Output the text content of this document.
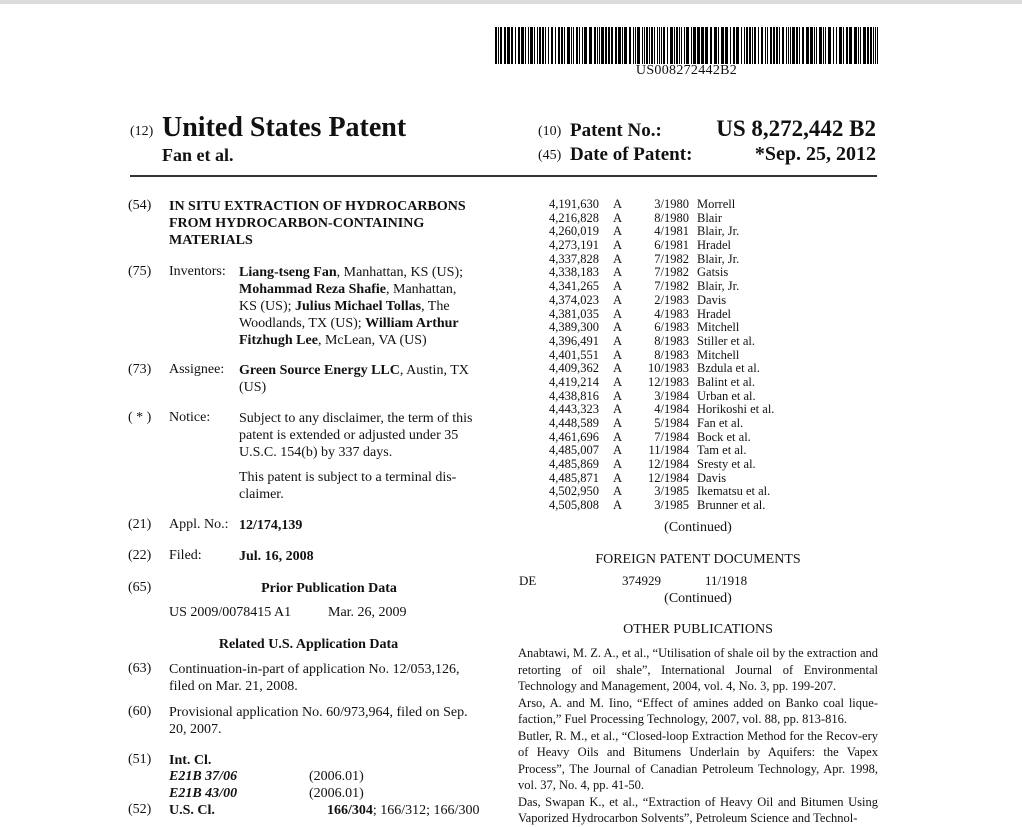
US008272442B2
(12) United States Patent
Fan et al.
(10) Patent No.:	US 8,272,442 B2
(45) Date of Patent:	*Sep. 25, 2012
(54) IN SITU EXTRACTION OF HYDROCARBONS
FROM HYDROCARBON-CONTAINING
MATERIALS
(75) Inventors: Liang-tseng Fan, Manhattan, KS (US);
Mohammad Reza Shafie, Manhattan,
KS (US); Julius Michael Tollas, The
Woodlands, TX (US); William Arthur
Fitzhugh Lee, McLean, VA (US)
(73) Assignee: Green Source Energy LLC, Austin, TX
(US)
( * ) Notice: Subject to any disclaimer, the term of this
patent is extended or adjusted under 35
U.S.C. 154(b) by 337 days.
This patent is subject to a terminal dis-
claimer.
(21) Appl. No.: 12/174,139
(22) Filed:	Jul. 16, 2008
(65)	Prior Publication Data
US 2009/0078415 A1	Mar. 26, 2009
Related U.S. Application Data
(63) Continuation-in-part of application No. 12/053,126,
filed on Mar. 21, 2008.
(60) Provisional application No. 60/973,964, filed on Sep.
20, 2007.
(51) Int. Cl.
E21B 37/06	(2006.01)
E21B 43/00	(2006.01)
(52) U.S. Cl.	166/304; 166/312; 166/300
4,191,630	A	3/1980 Morrell
4,216,828	A	8/1980 Blair
4,260,019	A	4/1981 Blair, Jr.
4,273,191	A	6/1981 Hradel
4,337,828	A	7/1982 Blair, Jr.
4,338,183	A	7/1982 Gatsis
4,341,265	A	7/1982 Blair, Jr.
4,374,023	A	2/1983 Davis
4,381,035	A	4/1983 Hradel
4,389,300	A	6/1983 Mitchell
4,396,491	A	8/1983 Stiller et al.
4,401,551	A	8/1983 Mitchell
4,409,362	A	10/1983 Bzdula et al.
4,419,214	A	12/1983 Balint et al.
4,438,816	A	3/1984 Urban et al.
4,443,323	A	4/1984 Horikoshi et al.
4,448,589	A	5/1984 Fan et al.
4,461,696	A	7/1984 Bock et al.
4,485,007	A	11/1984 Tam et al.
4,485,869	A	12/1984 Sresty et al.
4,485,871	A	12/1984 Davis
4,502,950	A	3/1985 Ikematsu et al.
4,505,808	A	3/1985 Brunner et al.
(Continued)
FOREIGN PATENT DOCUMENTS
DE	374929	11/1918
(Continued)
OTHER PUBLICATIONS
Anabtawi, M. Z. A., et al., “Utilisation of shale oil by the extraction and retorting of oil shale”, International Journal of Environmental Technology and Management, 2004, vol. 4, No. 3, pp. 199-207.
Arso, A. and M. Iino, “Effect of amines added on Banko coal lique-faction,” Fuel Processing Technology, 2007, vol. 88, pp. 813-816.
Butler, R. M., et al., “Closed-loop Extraction Method for the Recov-ery of Heavy Oils and Bitumens Underlain by Aquifers: the Vapex Process”, The Journal of Canadian Petroleum Technology, Apr. 1998, vol. 37, No. 4, pp. 41-50.
Das, Swapan K., et al., “Extraction of Heavy Oil and Bitumen Using Vaporized Hydrocarbon Solvents”, Petroleum Science and Technol-
